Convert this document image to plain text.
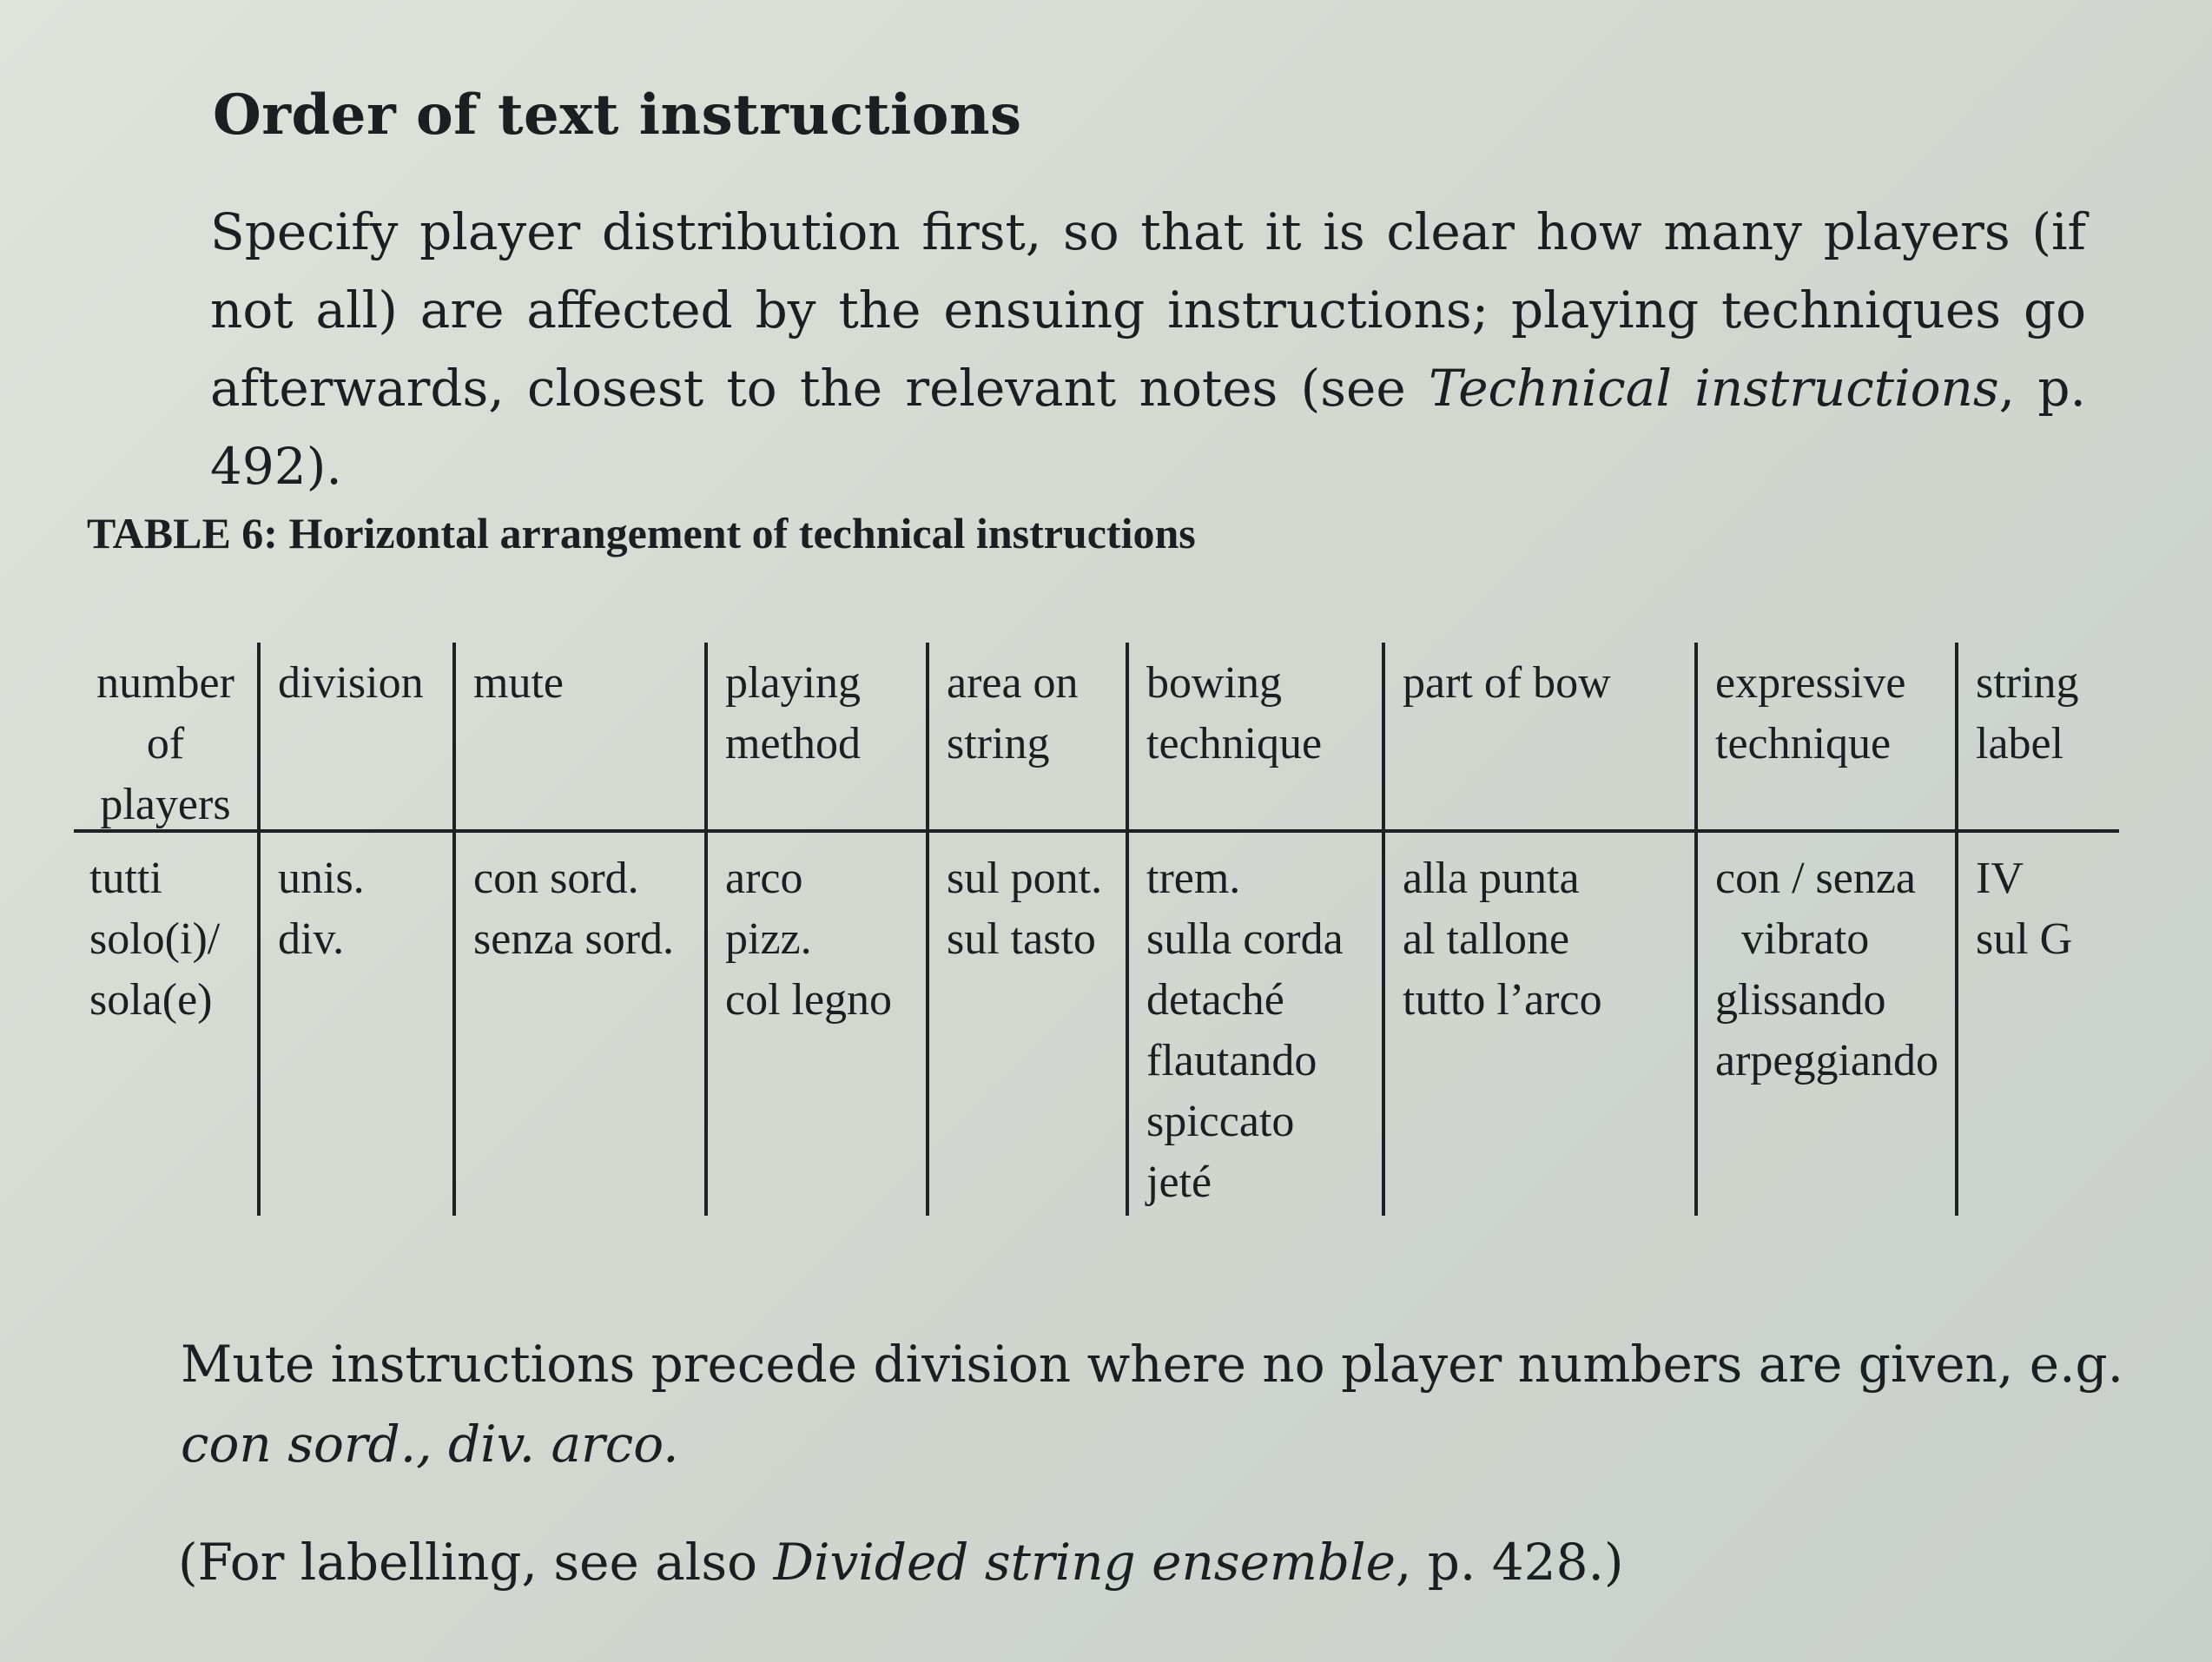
Order of text instructions

Specify player distribution first, so that it is clear how many players (if not all) are affected by the ensuing instructions; playing techniques go afterwards, closest to the relevant notes (see Technical instructions, p. 492).

TABLE 6: Horizontal arrangement of technical instructions

number
of
players
tutti
solo(i)/
sola(e)
division
unis.
div.
mute
con sord.
senza sord.
playing
method
arco
pizz.
col legno
area on
string
sul pont.
sul tasto
bowing
technique
trem.
sulla corda
detaché
flautando
spiccato
jeté
part of bow
alla punta
al tallone
tutto l’arco
expressive
technique
con / senza
vibrato
glissando
arpeggiando
string
label
IV
sul G

Mute instructions precede division where no player numbers are given, e.g.
con sord., div. arco.

(For labelling, see also Divided string ensemble, p. 428.)
